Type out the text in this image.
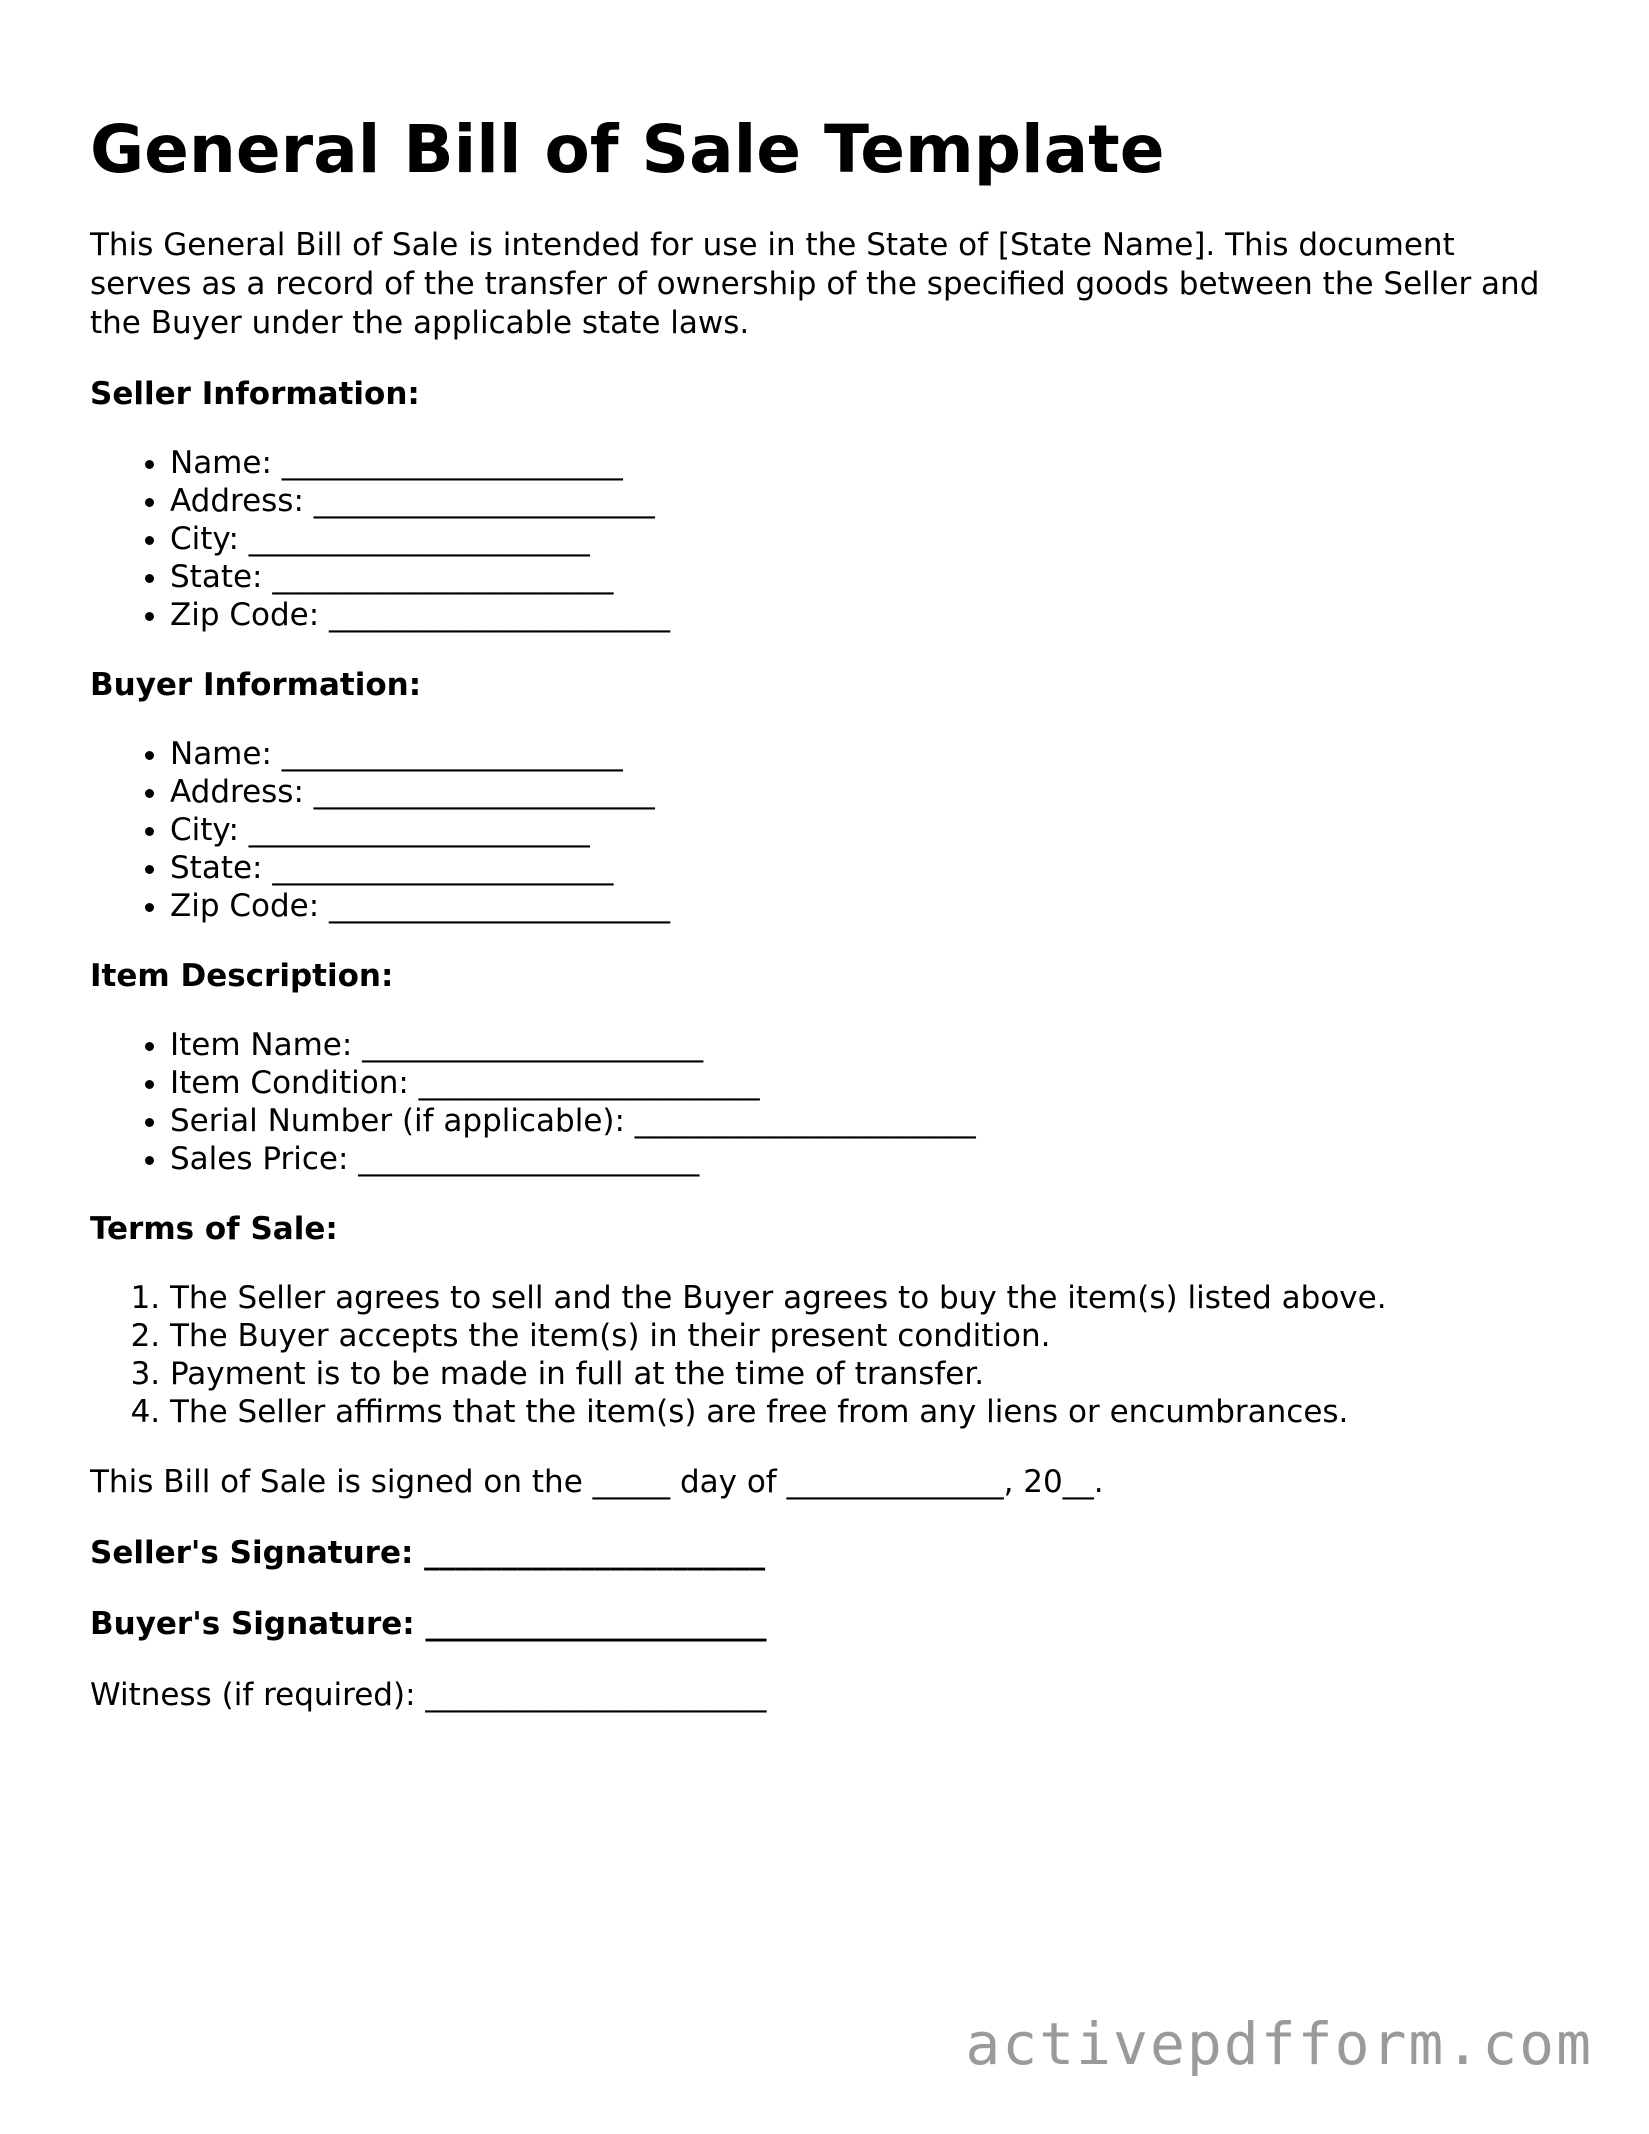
General Bill of Sale Template

This General Bill of Sale is intended for use in the State of [State Name]. This document serves as a record of the transfer of ownership of the specified goods between the Seller and the Buyer under the applicable state laws.

Seller Information:
• Name: ______________________
• Address: ______________________
• City: ______________________
• State: ______________________
• Zip Code: ______________________
Buyer Information:
• Name: ______________________
• Address: ______________________
• City: ______________________
• State: ______________________
• Zip Code: ______________________
Item Description:
• Item Name: ______________________
• Item Condition: ______________________
• Serial Number (if applicable): ______________________
• Sales Price: ______________________
Terms of Sale:
1. The Seller agrees to sell and the Buyer agrees to buy the item(s) listed above.
2. The Buyer accepts the item(s) in their present condition.
3. Payment is to be made in full at the time of transfer.
4. The Seller affirms that the item(s) are free from any liens or encumbrances.

This Bill of Sale is signed on the _____ day of ______________, 20__.

Seller's Signature: ______________________

Buyer's Signature: ______________________

Witness (if required): ______________________

activepdfform.com
